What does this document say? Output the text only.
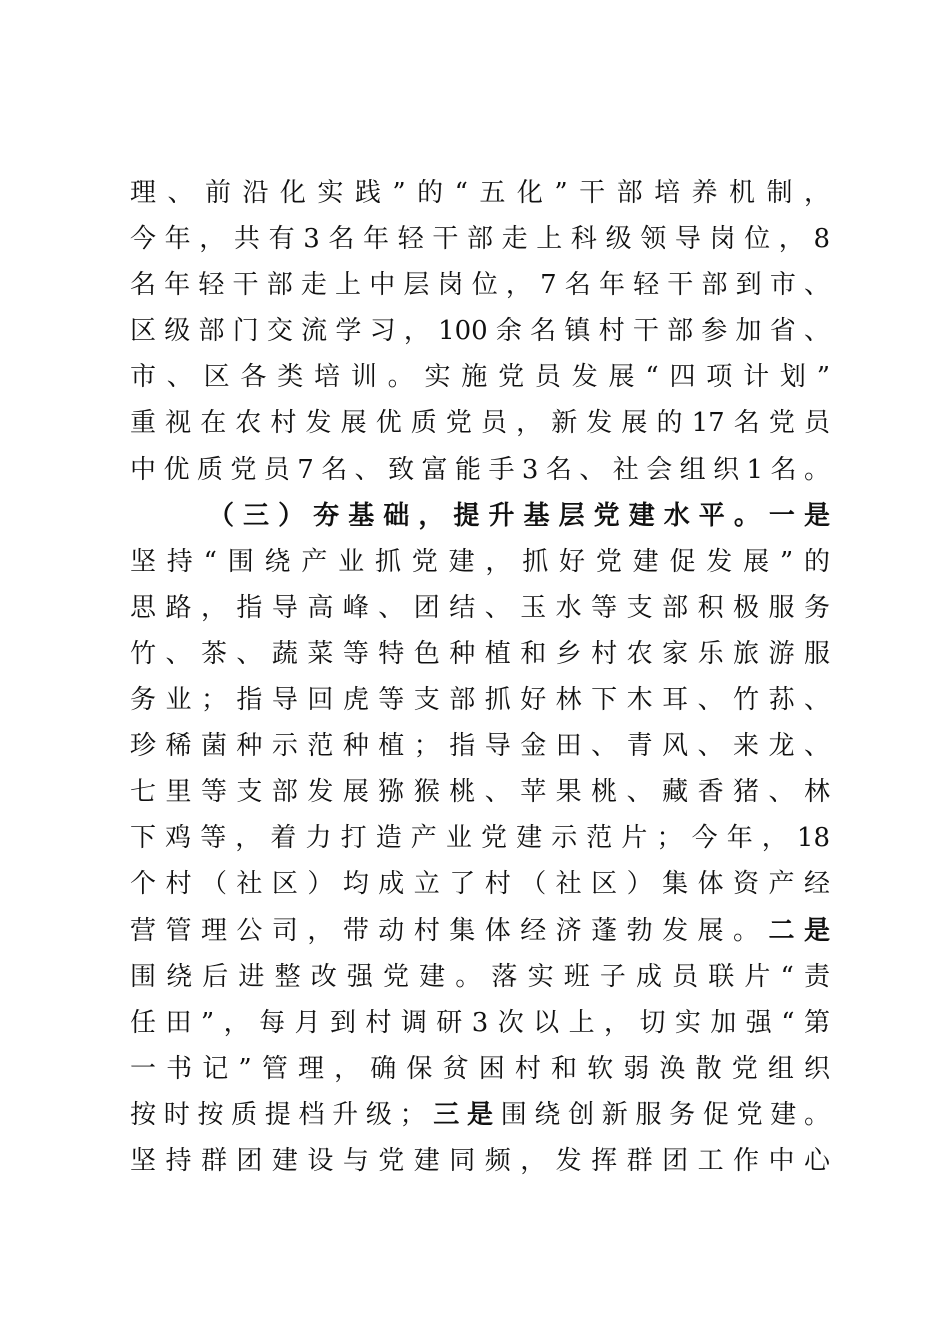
理、前沿化实践”的“五化”干部培养机制，
今年，共有3名年轻干部走上科级领导岗位，8
名年轻干部走上中层岗位，7名年轻干部到市、
区级部门交流学习，100余名镇村干部参加省、
市、区各类培训。实施党员发展“四项计划”
重视在农村发展优质党员，新发展的17名党员
中优质党员7名、致富能手3名、社会组织1名。
（三）夯基础，提升基层党建水平。一是
坚持“围绕产业抓党建，抓好党建促发展”的
思路，指导高峰、团结、玉水等支部积极服务
竹、茶、蔬菜等特色种植和乡村农家乐旅游服
务业；指导回虎等支部抓好林下木耳、竹荪、
珍稀菌种示范种植；指导金田、青风、来龙、
七里等支部发展猕猴桃、苹果桃、藏香猪、林
下鸡等，着力打造产业党建示范片；今年，18
个村（社区）均成立了村（社区）集体资产经
营管理公司，带动村集体经济蓬勃发展。二是
围绕后进整改强党建。落实班子成员联片“责
任田”，每月到村调研3次以上，切实加强“第
一书记”管理，确保贫困村和软弱涣散党组织
按时按质提档升级；三是围绕创新服务促党建。
坚持群团建设与党建同频，发挥群团工作中心
